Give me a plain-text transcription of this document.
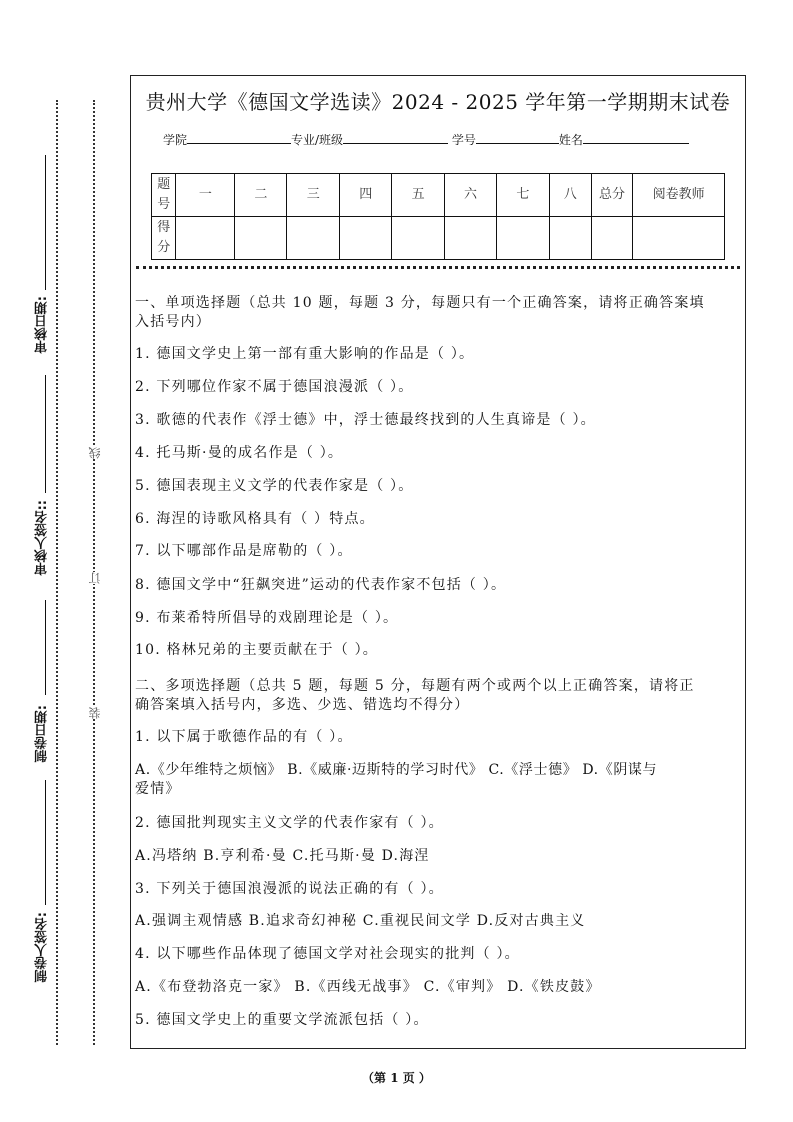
审核日期:
审核人签名::
制卷日期:
制卷人签名:
线
订
装
贵州大学《德国文学选读》2024 - 2025 学年第一学期期末试卷
学院	专业/班级	学号	姓名
题号	一	二	三	四	五	六	七	八	总分	阅卷教师
得分										
一、单项选择题（总共 10 题，每题 3 分，每题只有一个正确答案，请将正确答案填
入括号内）
1. 德国文学史上第一部有重大影响的作品是（ ）。
2. 下列哪位作家不属于德国浪漫派（ ）。
3. 歌德的代表作《浮士德》中，浮士德最终找到的人生真谛是（ ）。
4. 托马斯·曼的成名作是（ ）。
5. 德国表现主义文学的代表作家是（ ）。
6. 海涅的诗歌风格具有（ ）特点。
7. 以下哪部作品是席勒的（ ）。
8. 德国文学中“狂飙突进”运动的代表作家不包括（ ）。
9. 布莱希特所倡导的戏剧理论是（ ）。
10. 格林兄弟的主要贡献在于（ ）。
二、多项选择题（总共 5 题，每题 5 分，每题有两个或两个以上正确答案，请将正
确答案填入括号内，多选、少选、错选均不得分）
1. 以下属于歌德作品的有（ ）。
A.《少年维特之烦恼》 B.《威廉·迈斯特的学习时代》 C.《浮士德》 D.《阴谋与
爱情》
2. 德国批判现实主义文学的代表作家有（ ）。
A.冯塔纳 B.亨利希·曼 C.托马斯·曼 D.海涅
3. 下列关于德国浪漫派的说法正确的有（ ）。
A.强调主观情感 B.追求奇幻神秘 C.重视民间文学 D.反对古典主义
4. 以下哪些作品体现了德国文学对社会现实的批判（ ）。
A.《布登勃洛克一家》 B.《西线无战事》 C.《审判》 D.《铁皮鼓》
5. 德国文学史上的重要文学流派包括（ ）。
（第 1 页 ）
